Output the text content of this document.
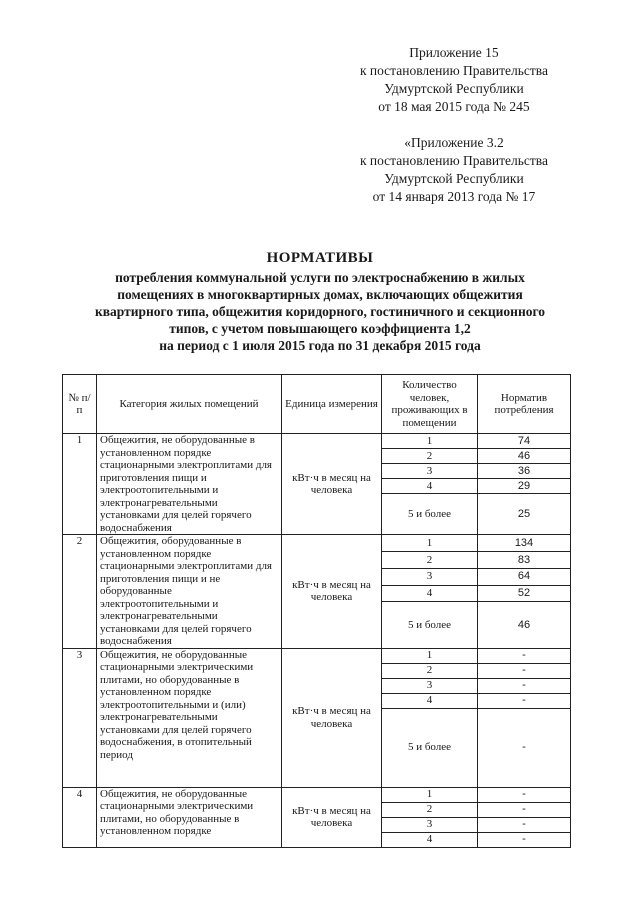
Приложение 15
к постановлению Правительства
Удмуртской Республики
от 18 мая 2015 года № 245
«Приложение 3.2
к постановлению Правительства
Удмуртской Республики
от 14 января 2013 года № 17
НОРМАТИВЫ
потребления коммунальной услуги по электроснабжению в жилых
помещениях в многоквартирных домах, включающих общежития
квартирного типа, общежития коридорного, гостиничного и секционного
типов, с учетом повышающего коэффициента 1,2
на период с 1 июля 2015 года по 31 декабря 2015 года
№ п/п	Категория жилых помещений	Единица измерения	Количество человек, проживающих в помещении	Норматив потребления
1	Общежития, не оборудованные в установленном порядке стационарными электроплитами для приготовления пищи и электроотопительными и электронагревательными установками для целей горячего водоснабжения	кВт·ч в месяц на человека	1	74
			2	46
			3	36
			4	29
			5 и более	25
2	Общежития, оборудованные в установленном порядке стационарными электроплитами для приготовления пищи и не оборудованные электроотопительными и электронагревательными установками для целей горячего водоснабжения	кВт·ч в месяц на человека	1	134
			2	83
			3	64
			4	52
			5 и более	46
3	Общежития, не оборудованные стационарными электрическими плитами, но оборудованные в установленном порядке электроотопительными и (или) электронагревательными установками для целей горячего водоснабжения, в отопительный период	кВт·ч в месяц на человека	1	-
			2	-
			3	-
			4	-
			5 и более	-
4	Общежития, не оборудованные стационарными электрическими плитами, но оборудованные в установленном порядке	кВт·ч в месяц на человека	1	-
			2	-
			3	-
			4	-
